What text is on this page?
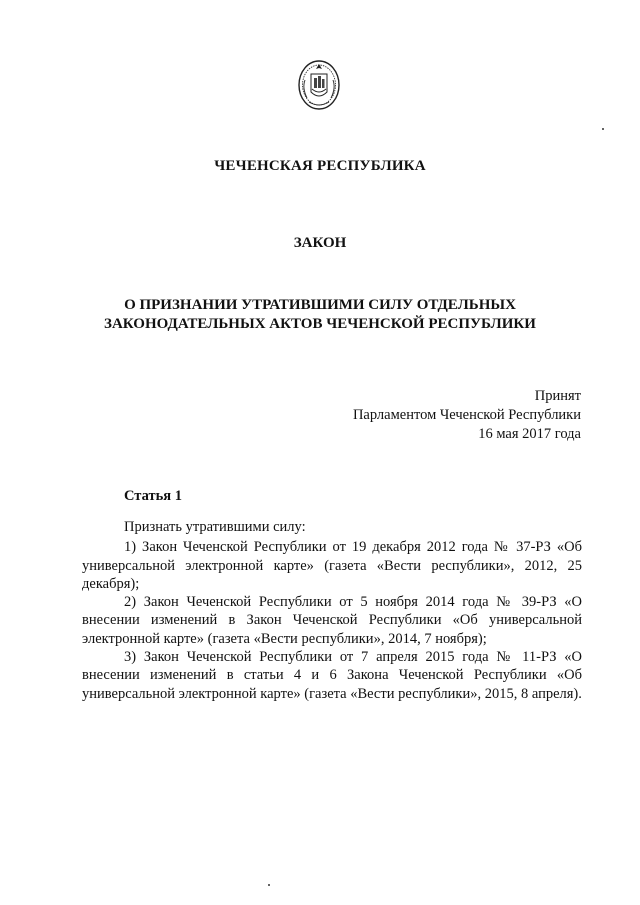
ЧЕЧЕНСКАЯ РЕСПУБЛИКА
ЗАКОН
О ПРИЗНАНИИ УТРАТИВШИМИ СИЛУ ОТДЕЛЬНЫХ
ЗАКОНОДАТЕЛЬНЫХ АКТОВ ЧЕЧЕНСКОЙ РЕСПУБЛИКИ
Принят
Парламентом Чеченской Республики
16 мая 2017 года
Статья 1

Признать утратившими силу:

1) Закон Чеченской Республики от 19 декабря 2012 года № 37-РЗ «Об универсальной электронной карте» (газета «Вести республики», 2012, 25 декабря);

2) Закон Чеченской Республики от 5 ноября 2014 года № 39-РЗ «О внесении изменений в Закон Чеченской Республики «Об универсальной электронной карте» (газета «Вести республики», 2014, 7 ноября);

3) Закон Чеченской Республики от 7 апреля 2015 года № 11-РЗ «О внесении изменений в статьи 4 и 6 Закона Чеченской Республики «Об универсальной электронной карте» (газета «Вести республики», 2015, 8 апреля).
